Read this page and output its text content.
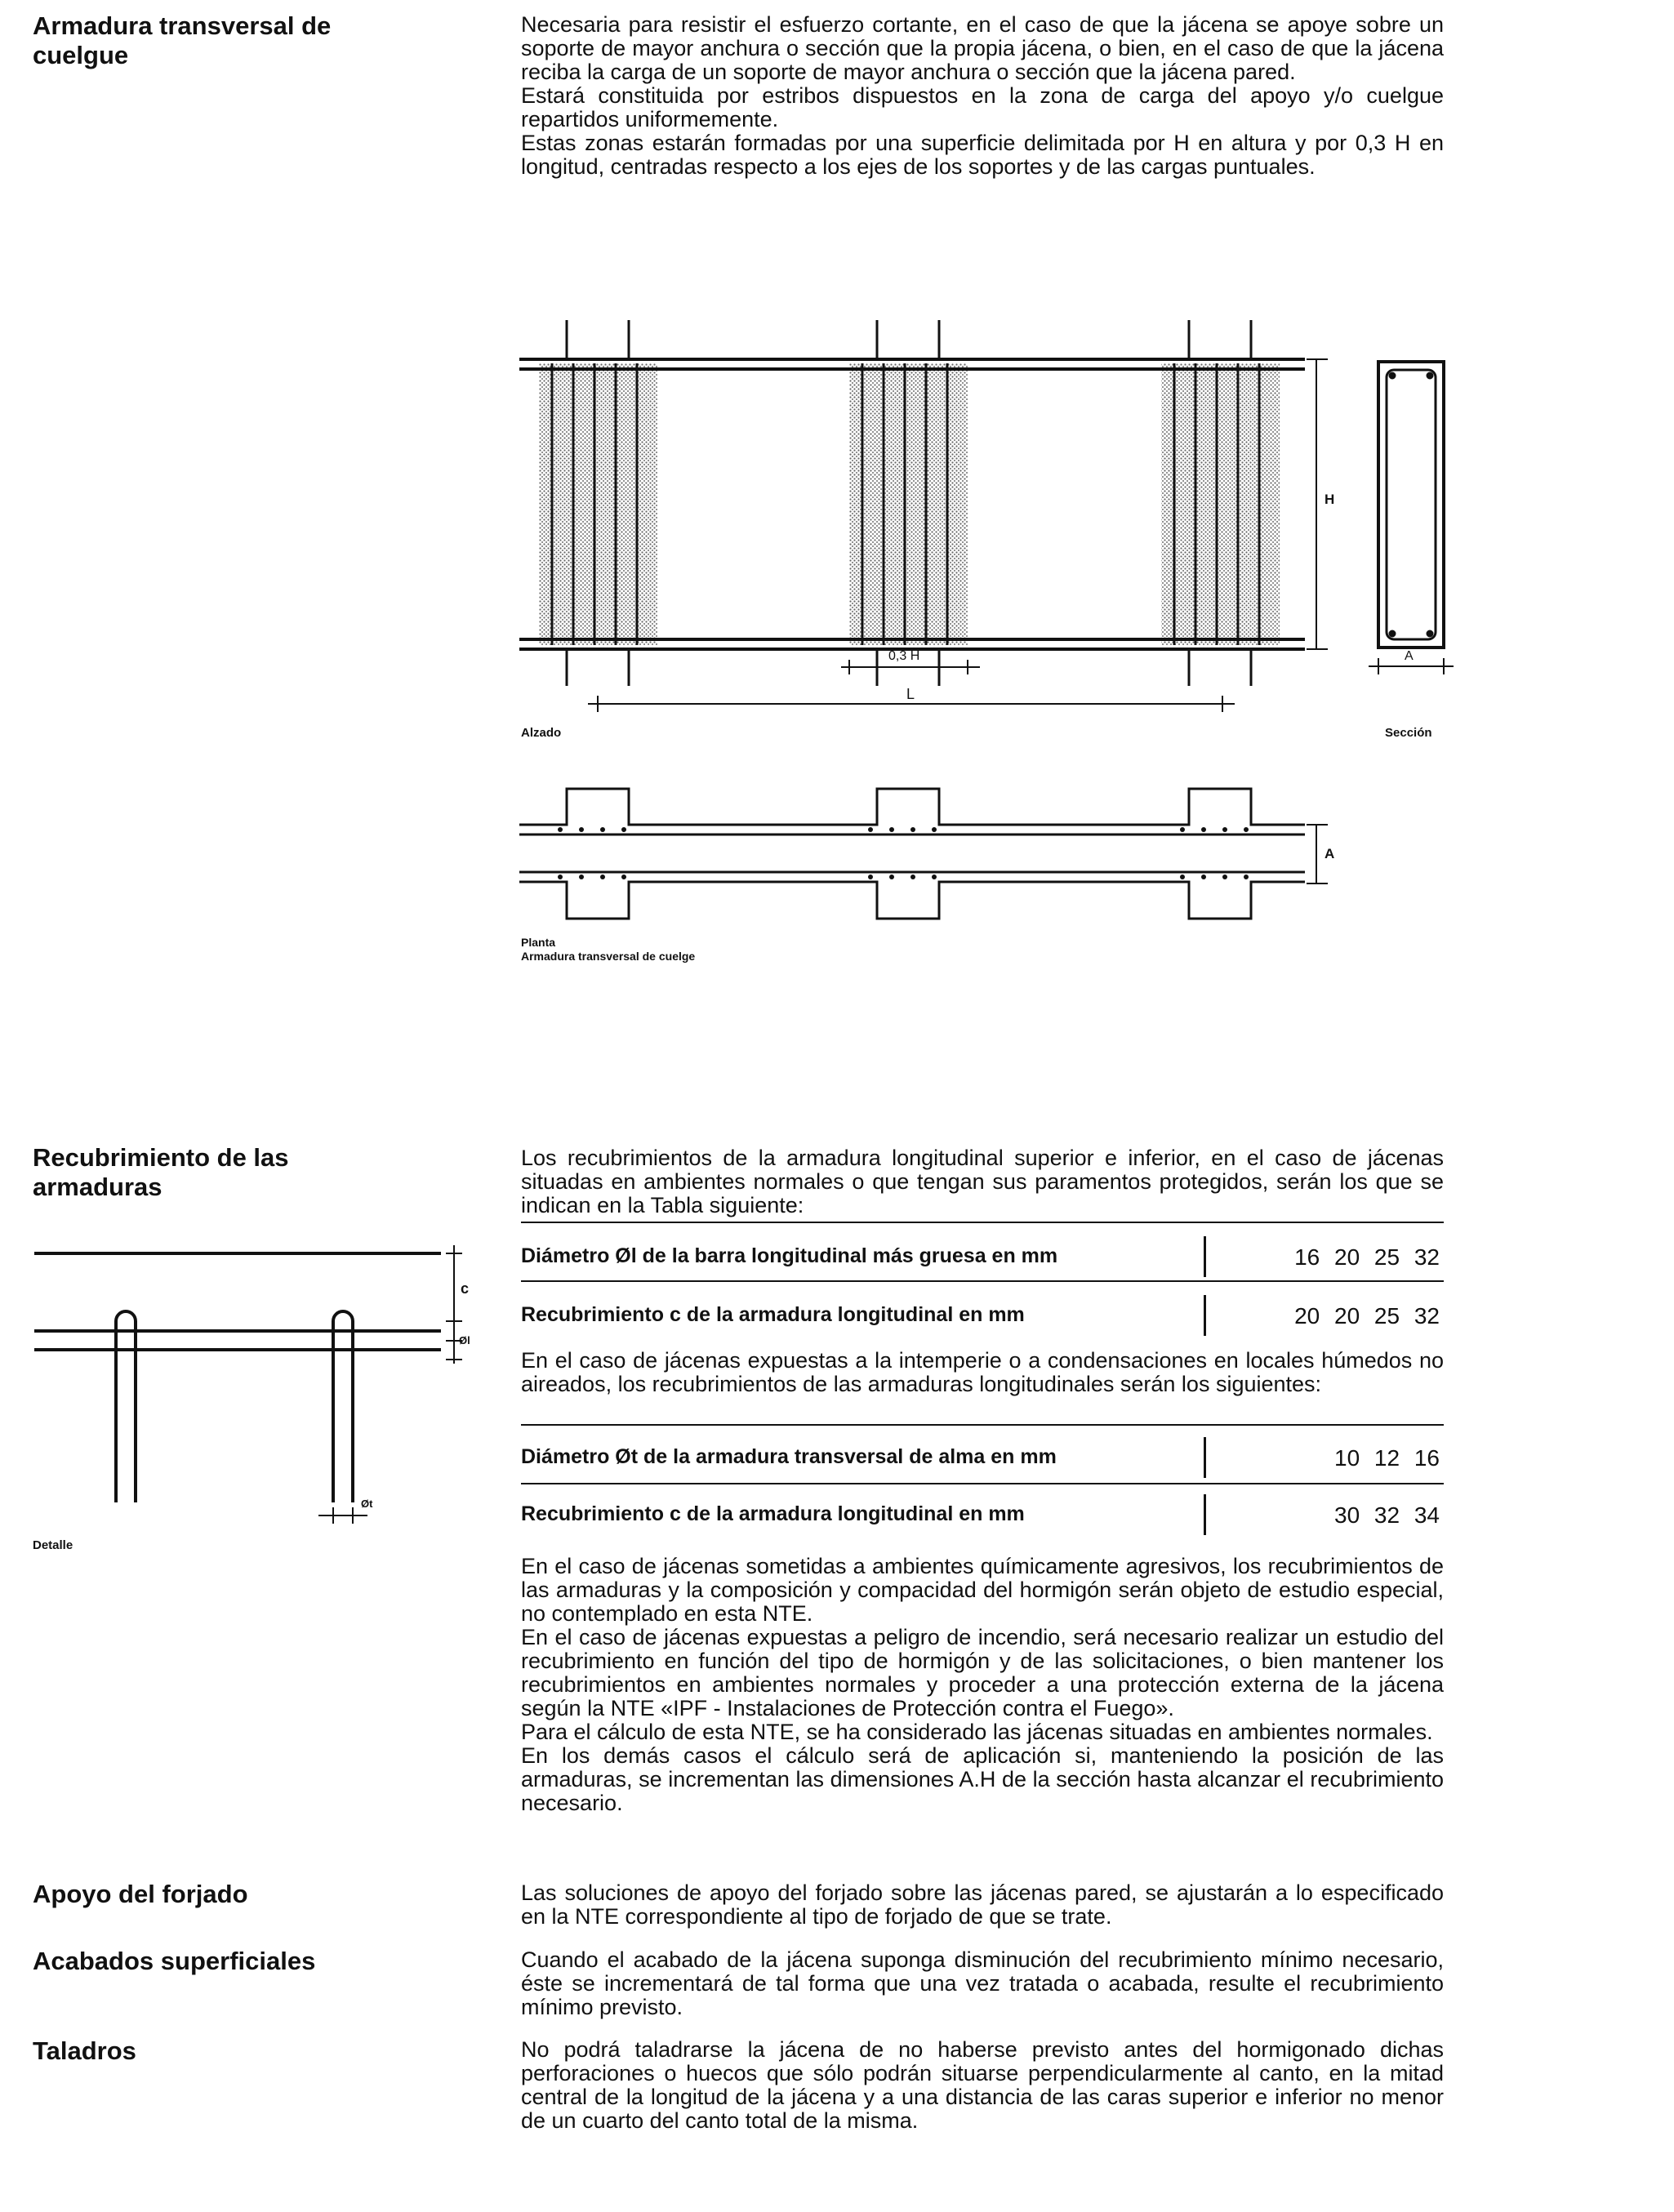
Armadura transversal de cuelgue

Necesaria para resistir el esfuerzo cortante, en el caso de que la jácena se apoye sobre un soporte de mayor anchura o sección que la propia jácena, o bien, en el caso de que la jácena reciba la carga de un soporte de mayor anchura o sección que la jácena pared.

Estará constituida por estribos dispuestos en la zona de carga del apoyo y/o cuelgue repartidos uniformemente.

Estas zonas estarán formadas por una superficie delimitada por H en altura y por 0,3 H en longitud, centradas respecto a los ejes de los soportes y de las cargas puntuales.

H
0,3 H
L
A
A
Alzado	Sección
Planta
Armadura transversal de cuelge
Recubrimiento de las armaduras
Los recubrimientos de la armadura longitudinal superior e inferior, en el caso de jácenas situadas en ambientes normales o que tengan sus paramentos protegidos, serán los que se indican en la Tabla siguiente:
Diámetro Øl de la barra longitudinal más gruesa en mm	16 20 25 32
Recubrimiento c de la armadura longitudinal en mm	20 20 25 32
En el caso de jácenas expuestas a la intemperie o a condensaciones en locales húmedos no aireados, los recubrimientos de las armaduras longitudinales serán los siguientes:
Diámetro Øt de la armadura transversal de alma en mm	10 12 16
Recubrimiento c de la armadura longitudinal en mm	30 32 34

En el caso de jácenas sometidas a ambientes químicamente agresivos, los recubrimientos de las armaduras y la composición y compacidad del hormigón serán objeto de estudio especial, no contemplado en esta NTE.

En el caso de jácenas expuestas a peligro de incendio, será necesario realizar un estudio del recubrimiento en función del tipo de hormigón y de las solicitaciones, o bien mantener los recubrimientos en ambientes normales y proceder a una protección externa de la jácena según la NTE «IPF - Instalaciones de Protección contra el Fuego».

Para el cálculo de esta NTE, se ha considerado las jácenas situadas en ambientes normales.

En los demás casos el cálculo será de aplicación si, manteniendo la posición de las armaduras, se incrementan las dimensiones A.H de la sección hasta alcanzar el recubrimiento necesario.

c
Øl
Øt
Detalle
Apoyo del forjado	Las soluciones de apoyo del forjado sobre las jácenas pared, se ajustarán a lo especificado en la NTE correspondiente al tipo de forjado de que se trate.
Acabados superficiales	Cuando el acabado de la jácena suponga disminución del recubrimiento mínimo necesario, éste se incrementará de tal forma que una vez tratada o acabada, resulte el recubrimiento mínimo previsto.
Taladros	No podrá taladrarse la jácena de no haberse previsto antes del hormigonado dichas perforaciones o huecos que sólo podrán situarse perpendicularmente al canto, en la mitad central de la longitud de la jácena y a una distancia de las caras superior e inferior no menor de un cuarto del canto total de la misma.
